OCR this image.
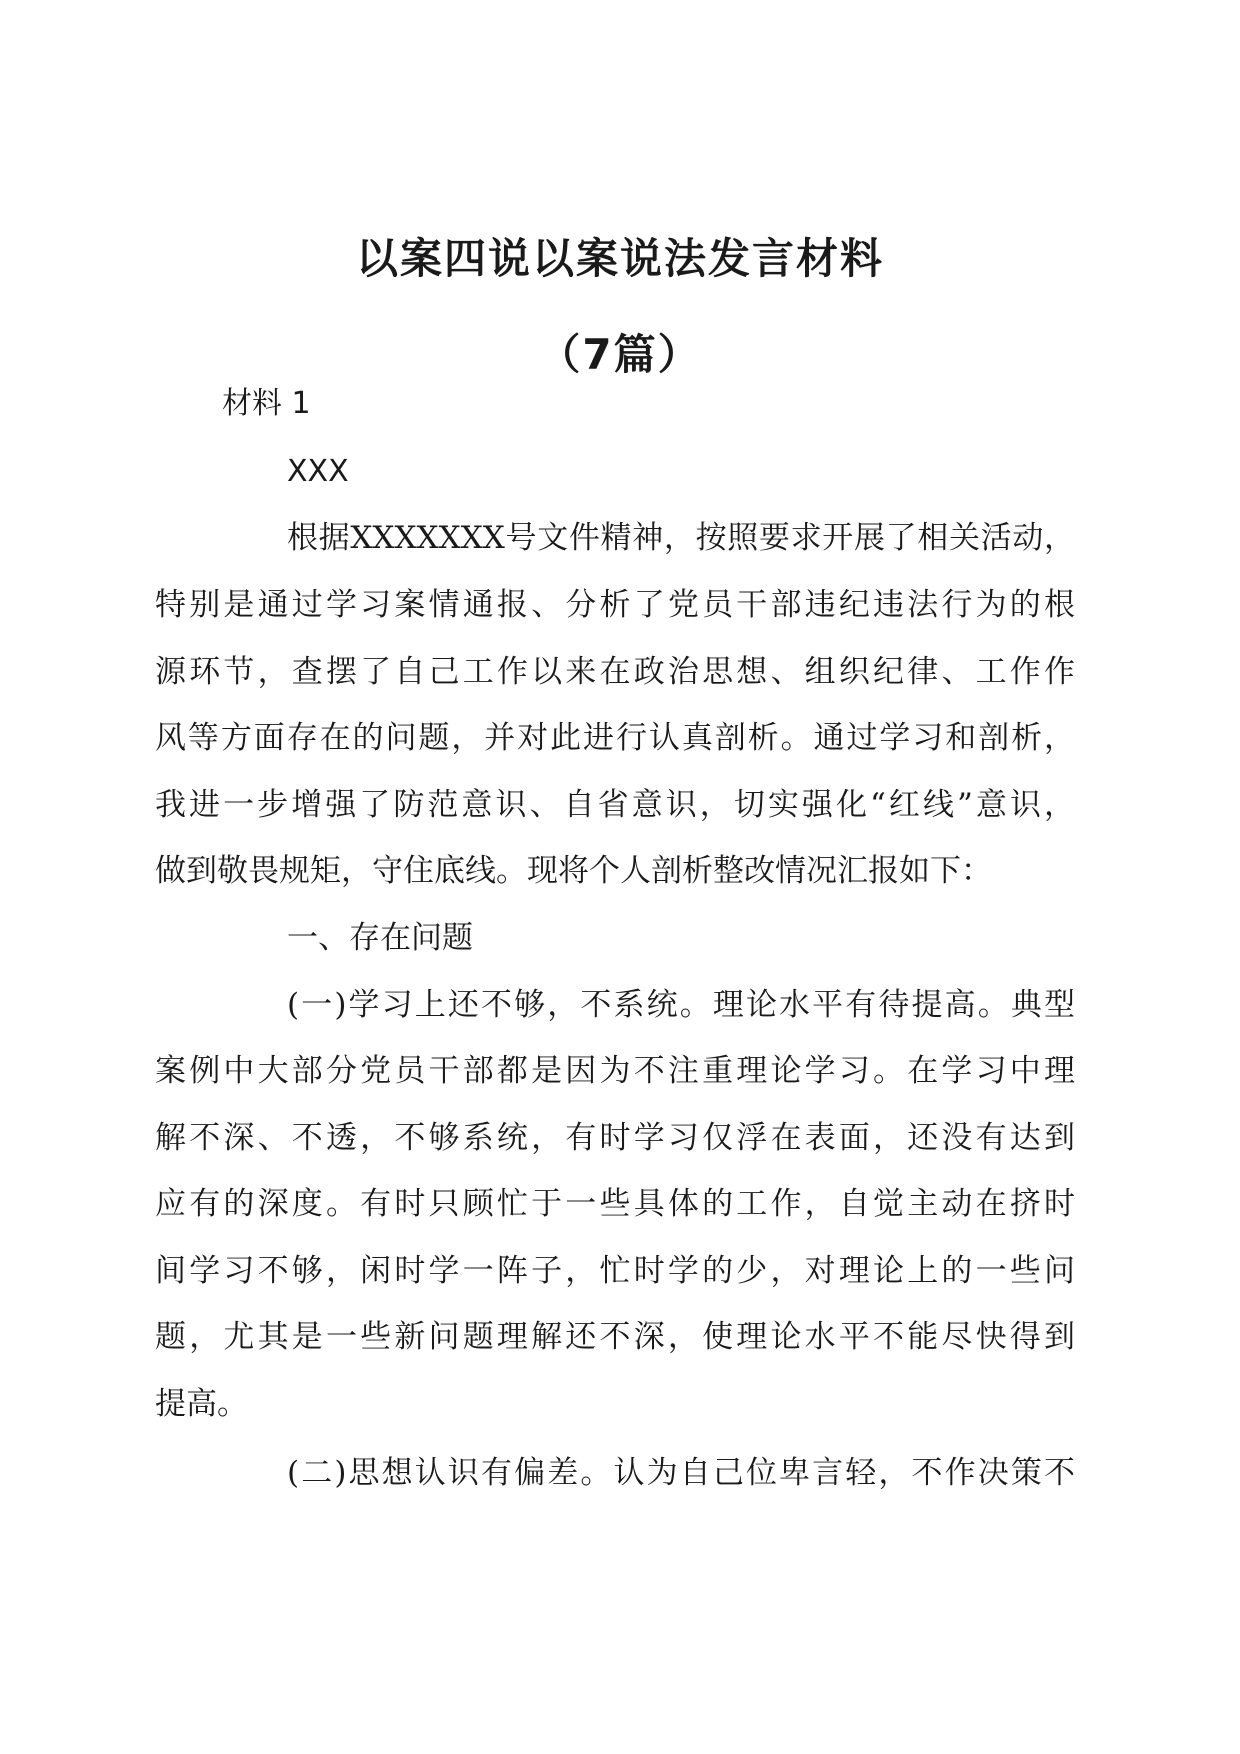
以案四说以案说法发言材料
（7篇）

材料 1

XXX

根据XXXXXXX号文件精神，按照要求开展了相关活动，

特别是通过学习案情通报、分析了党员干部违纪违法行为的根

源环节，查摆了自己工作以来在政治思想、组织纪律、工作作

风等方面存在的问题，并对此进行认真剖析。通过学习和剖析，

我进一步增强了防范意识、自省意识，切实强化“红线”意识，

做到敬畏规矩，守住底线。现将个人剖析整改情况汇报如下：

一、存在问题

(一)学习上还不够，不系统。理论水平有待提高。典型

案例中大部分党员干部都是因为不注重理论学习。在学习中理

解不深、不透，不够系统，有时学习仅浮在表面，还没有达到

应有的深度。有时只顾忙于一些具体的工作，自觉主动在挤时

间学习不够，闲时学一阵子，忙时学的少，对理论上的一些问

题，尤其是一些新问题理解还不深，使理论水平不能尽快得到

提高。

(二)思想认识有偏差。认为自己位卑言轻，不作决策不
